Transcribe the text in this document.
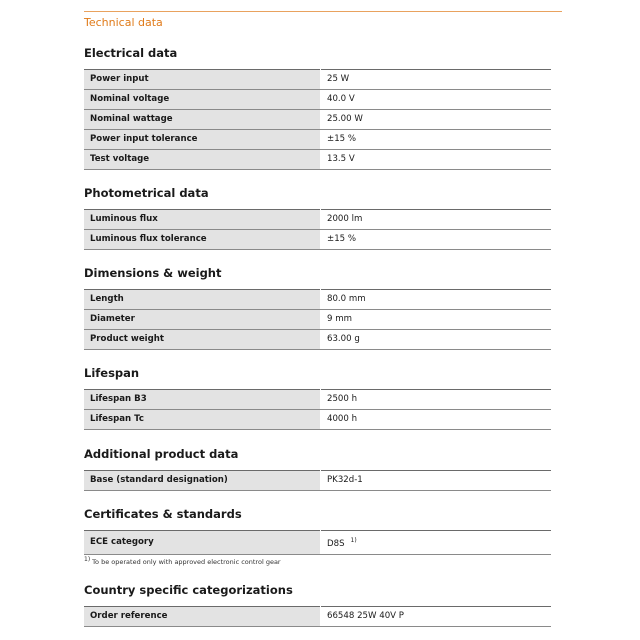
Technical data
Electrical data
Power input	25 W
Nominal voltage	40.0 V
Nominal wattage	25.00 W
Power input tolerance	±15 %
Test voltage	13.5 V
Photometrical data
Luminous flux	2000 lm
Luminous flux tolerance	±15 %
Dimensions & weight
Length	80.0 mm
Diameter	9 mm
Product weight	63.00 g
Lifespan
Lifespan B3	2500 h
Lifespan Tc	4000 h
Additional product data
Base (standard designation)	PK32d-1
Certificates & standards
ECE category	D8S $^{1)}$
$^{1)}$ To be operated only with approved electronic control gear
Country specific categorizations
Order reference	66548 25W 40V P
